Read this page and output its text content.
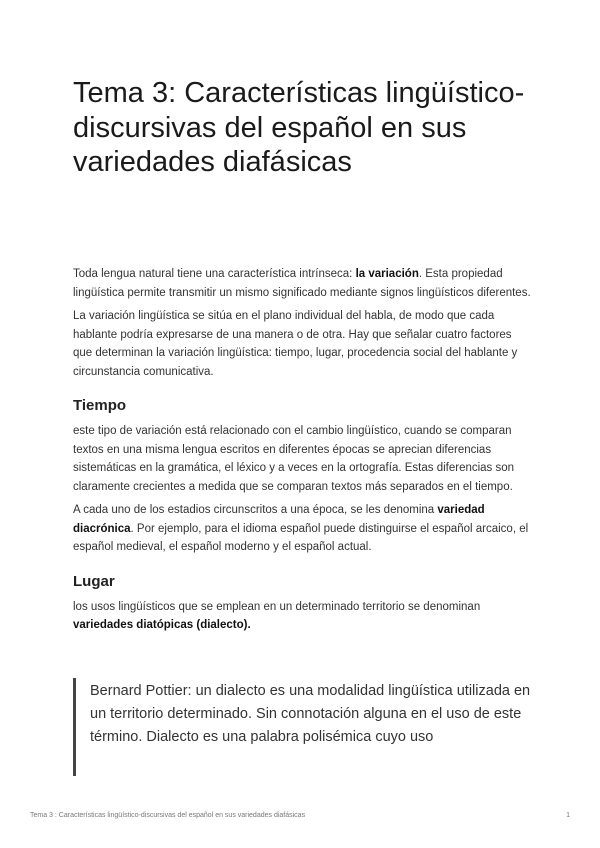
Tema 3: Características lingüístico-discursivas del español en sus variedades diafásicas

Toda lengua natural tiene una característica intrínseca: la variación. Esta propiedad lingüística permite transmitir un mismo significado mediante signos lingüísticos diferentes.

La variación lingüística se sitúa en el plano individual del habla, de modo que cada hablante podría expresarse de una manera o de otra. Hay que señalar cuatro factores que determinan la variación lingüística: tiempo, lugar, procedencia social del hablante y circunstancia comunicativa.

Tiempo

este tipo de variación está relacionado con el cambio lingüístico, cuando se comparan textos en una misma lengua escritos en diferentes épocas se aprecian diferencias sistemáticas en la gramática, el léxico y a veces en la ortografía. Estas diferencias son claramente crecientes a medida que se comparan textos más separados en el tiempo.

A cada uno de los estadios circunscritos a una época, se les denomina variedad diacrónica. Por ejemplo, para el idioma español puede distinguirse el español arcaico, el español medieval, el español moderno y el español actual.

Lugar

los usos lingüísticos que se emplean en un determinado territorio se denominan variedades diatópicas (dialecto).

Bernard Pottier: un dialecto es una modalidad lingüística utilizada en un territorio determinado. Sin connotación alguna en el uso de este término. Dialecto es una palabra polisémica cuyo uso

Tema 3 : Características lingüístico-discursivas del español en sus variedades diafásicas	1
